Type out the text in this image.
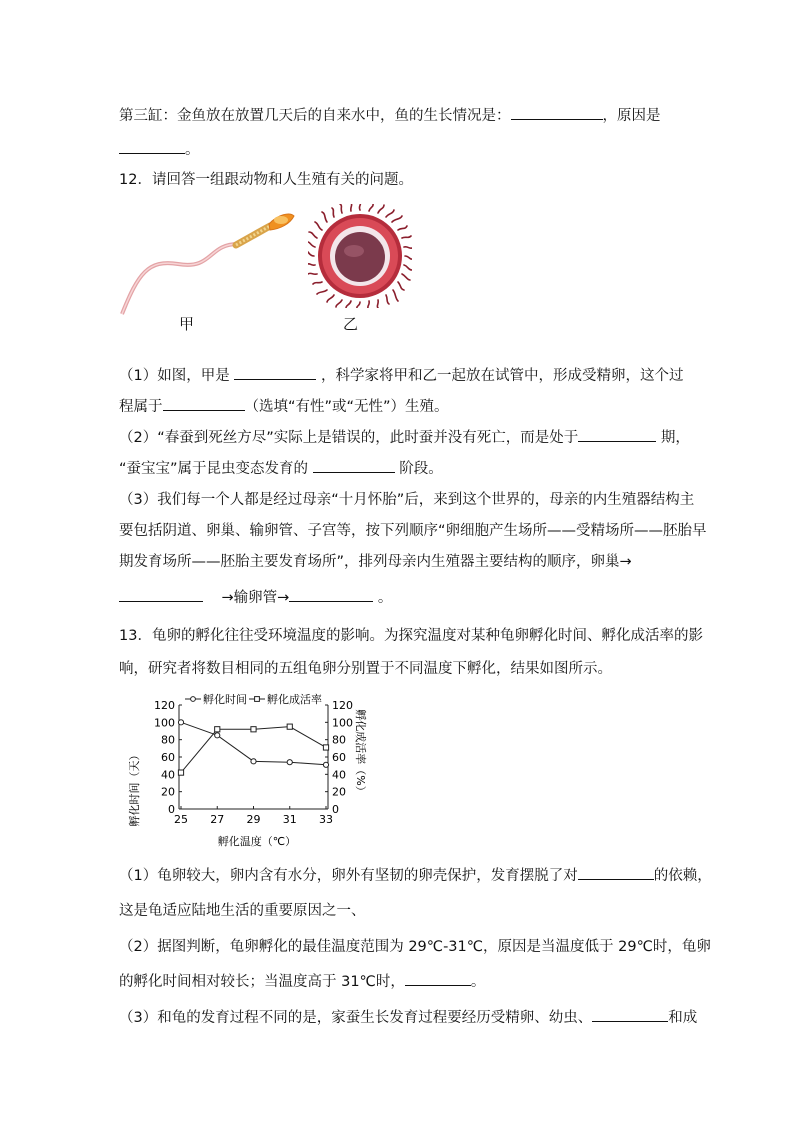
第三缸：金鱼放在放置几天后的自来水中，鱼的生长情况是：	，原因是
。
12．请回答一组跟动物和人生殖有关的问题。
甲	乙
（1）如图，甲是	，科学家将甲和乙一起放在试管中，形成受精卵，这个过
程属于	（选填“有性”或“无性”）生殖。
（2）“春蚕到死丝方尽”实际上是错误的，此时蚕并没有死亡，而是处于	期，
“蚕宝宝”属于昆虫变态发育的	阶段。
（3）我们每一个人都是经过母亲“十月怀胎”后，来到这个世界的，母亲的内生殖器结构主
要包括阴道、卵巢、输卵管、子宫等，按下列顺序“卵细胞产生场所——受精场所——胚胎早
期发育场所——胚胎主要发育场所”，排列母亲内生殖器主要结构的顺序，卵巢→
→输卵管→	。
13．龟卵的孵化往往受环境温度的影响。为探究温度对某种龟卵孵化时间、孵化成活率的影
响，研究者将数目相同的五组龟卵分别置于不同温度下孵化，结果如图所示。
0
20
40
60
80
100
120
0
20
40
60
80
100
120
25 27 29 31 33
孵化时间 孵化成活率
孵化时间（天）	孵化成活率（%）
孵化温度（℃）
（1）龟卵较大，卵内含有水分，卵外有坚韧的卵壳保护，发育摆脱了对	的依赖，
这是龟适应陆地生活的重要原因之一、
（2）据图判断，龟卵孵化的最佳温度范围为 29℃-31℃，原因是当温度低于 29℃时，龟卵
的孵化时间相对较长；当温度高于 31℃时，	。
（3）和龟的发育过程不同的是，家蚕生长发育过程要经历受精卵、幼虫、	和成
